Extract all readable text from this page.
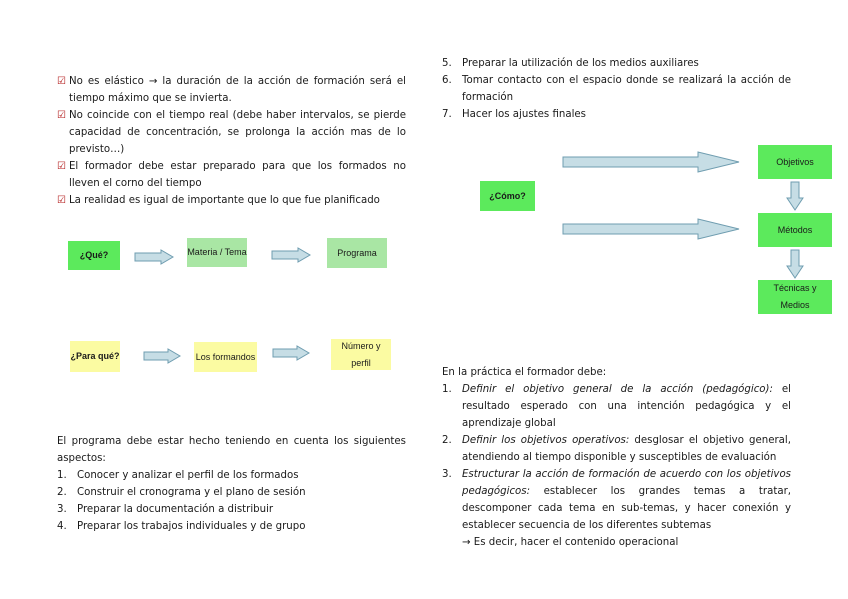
☑ No es elástico → la duración de la acción de formación será el tiempo máximo que se invierta.
☑ No coincide con el tiempo real (debe haber intervalos, se pierde capacidad de concentración, se prolonga la acción mas de lo previsto…)
☑ El formador debe estar preparado para que los formados no lleven el corno del tiempo
☑ La realidad es igual de importante que lo que fue planificado
¿Qué?	Materia / Tema	Programa
¿Para qué?	Los formandos
Número y perfil
El programa debe estar hecho teniendo en cuenta los siguientes aspectos:
1. Conocer y analizar el perfil de los formados
2. Construir el cronograma y el plano de sesión
3. Preparar la documentación a distribuir
4. Preparar los trabajos individuales y de grupo
5. Preparar la utilización de los medios auxiliares
6. Tomar contacto con el espacio donde se realizará la acción de formación
7. Hacer los ajustes finales
¿Cómo?
Objetivos
Métodos
Técnicas y Medios
En la práctica el formador debe:
1. Definir el objetivo general de la acción (pedagógico): el resultado esperado con una intención pedagógica y el aprendizaje global
2. Definir los objetivos operativos: desglosar el objetivo general, atendiendo al tiempo disponible y susceptibles de evaluación
3. Estructurar la acción de formación de acuerdo con los objetivos pedagógicos: establecer los grandes temas a tratar, descomponer cada tema en sub-temas, y hacer conexión y establecer secuencia de los diferentes subtemas
→ Es decir, hacer el contenido operacional
